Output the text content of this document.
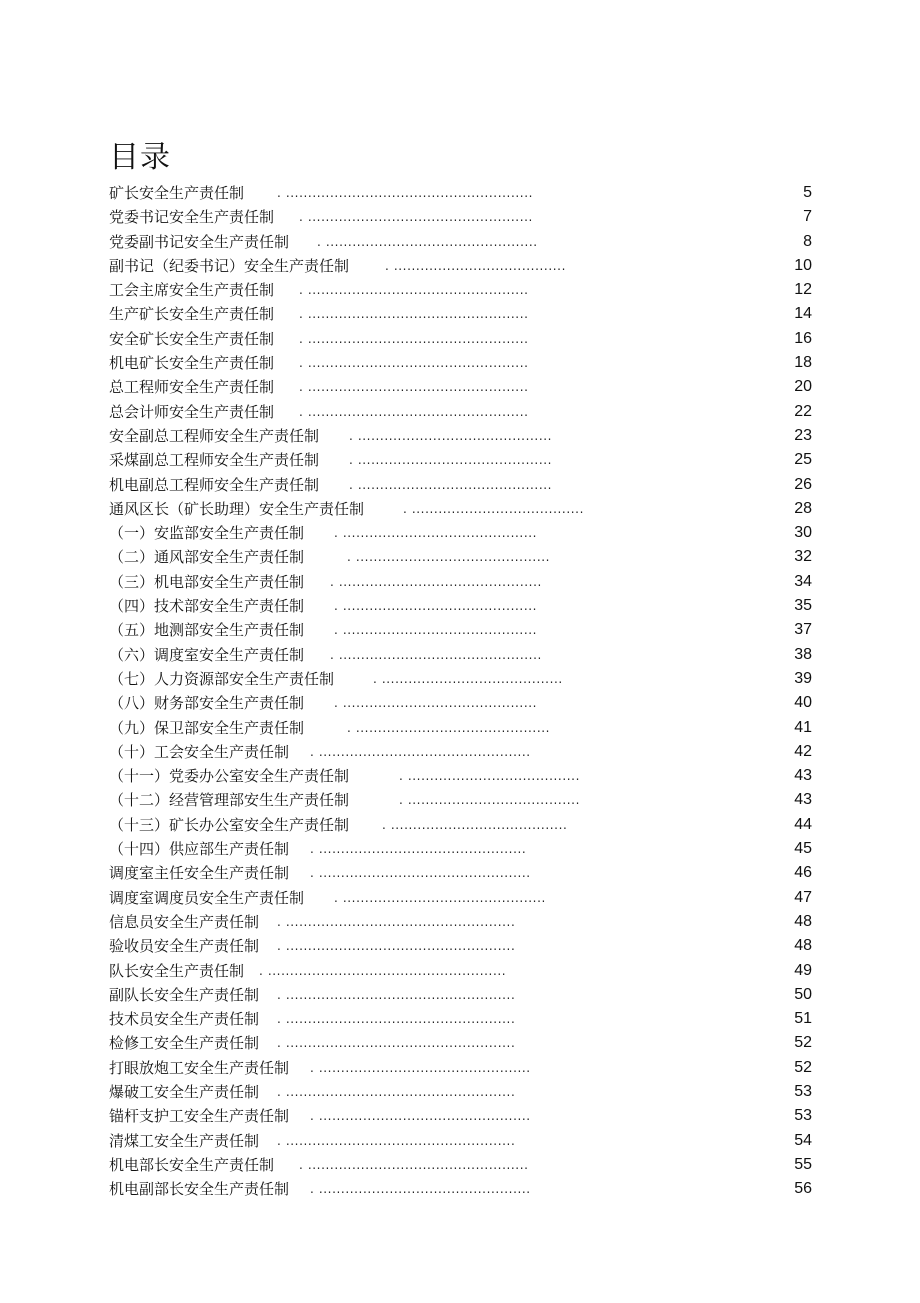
目录
矿长安全生产责任制	. ........................................................	5
党委书记安全生产责任制 . ...................................................	7
党委副书记安全生产责任制 . ................................................	8
副书记（纪委书记）安全生产责任制	. .......................................	10
工会主席安全生产责任制 . ..................................................	12
生产矿长安全生产责任制 . ..................................................	14
安全矿长安全生产责任制 . ..................................................	16
机电矿长安全生产责任制 . ..................................................	18
总工程师安全生产责任制 . ..................................................	20
总会计师安全生产责任制 . ..................................................	22
安全副总工程师安全生产责任制 . ............................................	23
采煤副总工程师安全生产责任制 . ............................................	25
机电副总工程师安全生产责任制 . ............................................	26
通风区长（矿长助理）安全生产责任制	. .......................................	28
（一）安监部安全生产责任制 . ............................................	30
（二）通风部安全生产责任制	. ............................................	32
（三）机电部安全生产责任制 . ..............................................	34
（四）技术部安全生产责任制 . ............................................	35
（五）地测部安全生产责任制 . ............................................	37
（六）调度室安全生产责任制 . ..............................................	38
（七）人力资源部安全生产责任制	. .........................................	39
（八）财务部安全生产责任制 . ............................................	40
（九）保卫部安全生产责任制	. ............................................	41
（十）工会安全生产责任制 . ................................................	42
（十一）党委办公室安全生产责任制	. .......................................	43
（十二）经营管理部安生生产责任制	. .......................................	43
（十三）矿长办公室安全生产责任制	. ........................................	44
（十四）供应部生产责任制 . ...............................................	45
调度室主任安全生产责任制 . ................................................	46
调度室调度员安全生产责任制 . ..............................................	47
信息员安全生产责任制 . ....................................................	48
验收员安全生产责任制 . ....................................................	48
队长安全生产责任制 . ......................................................	49
副队长安全生产责任制 . ....................................................	50
技术员安全生产责任制 . ....................................................	51
检修工安全生产责任制 . ....................................................	52
打眼放炮工安全生产责任制 . ................................................	52
爆破工安全生产责任制 . ....................................................	53
锚杆支护工安全生产责任制 . ................................................	53
清煤工安全生产责任制 . ....................................................	54
机电部长安全生产责任制 . ..................................................	55
机电副部长安全生产责任制 . ................................................	56
